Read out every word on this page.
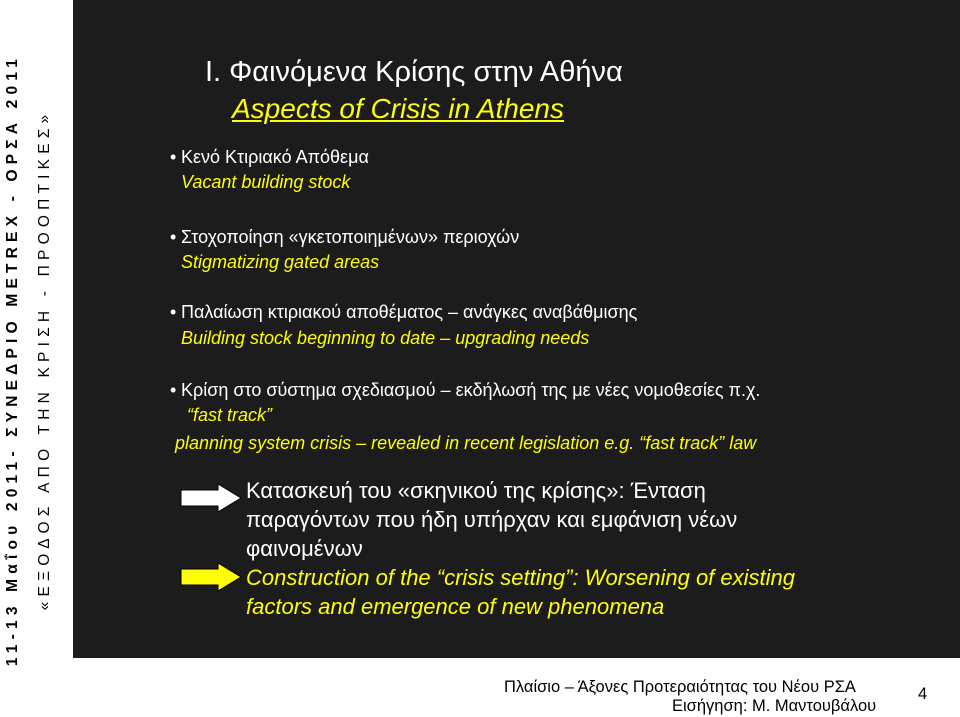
11-13 Μαΐου 2011- ΣΥΝΕΔΡΙΟ METREX - ΟΡΣΑ 2011 «ΕΞΟΔΟΣ ΑΠΟ ΤΗΝ ΚΡΙΣΗ - ΠΡΟΟΠΤΙΚΕΣ»
I. Φαινόμενα Κρίσης στην Αθήνα
Aspects of Crisis in Athens
• Κενό Κτιριακό Απόθεμα
Vacant building stock
• Στοχοποίηση «γκετοποιημένων» περιοχών
Stigmatizing gated areas
• Παλαίωση κτιριακού αποθέματος – ανάγκες αναβάθμισης
Building stock beginning to date – upgrading needs
• Κρίση στο σύστημα σχεδιασμού – εκδήλωσή της με νέες νομοθεσίες π.χ.
“fast track”
planning system crisis – revealed in recent legislation e.g. “fast track” law
Κατασκευή του «σκηνικού της κρίσης»: Ένταση
παραγόντων που ήδη υπήρχαν και εμφάνιση νέων
φαινομένων
Construction of the “crisis setting”: Worsening of existing
factors and emergence of new phenomena
Πλαίσιο – Άξονες Προτεραιότητας του Νέου ΡΣΑ
Εισήγηση: Μ. Μαντουβάλου
4
